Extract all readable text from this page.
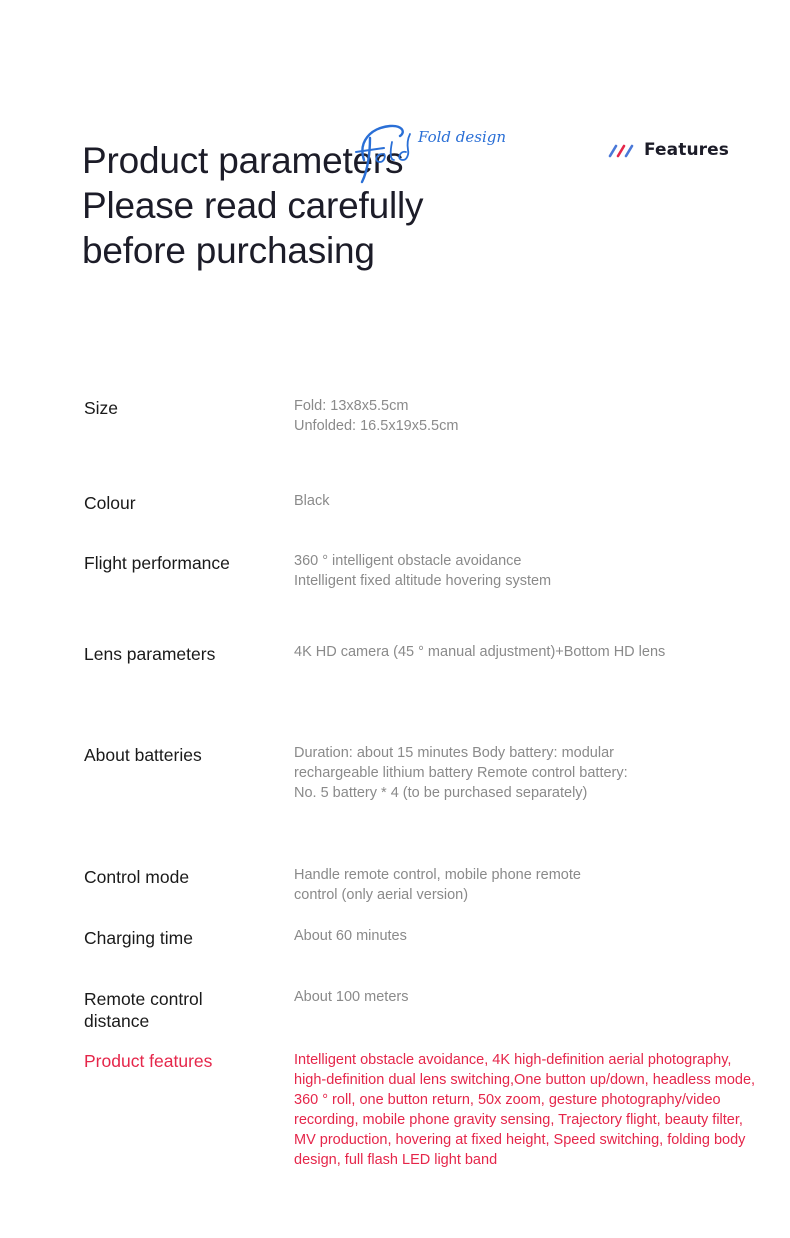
Product parameters
Please read carefully
before purchasing
Fold design
Features
Size	Fold: 13x8x5.5cm
Unfolded: 16.5x19x5.5cm
Colour	Black
Flight performance	360 ° intelligent obstacle avoidance
Intelligent fixed altitude hovering system
Lens parameters	4K HD camera (45 ° manual adjustment)+Bottom HD lens
About batteries	Duration: about 15 minutes Body battery: modular
rechargeable lithium battery Remote control battery:
No. 5 battery * 4 (to be purchased separately)
Control mode	Handle remote control, mobile phone remote
control (only aerial version)
Charging time	About 60 minutes
Remote control
distance
About 100 meters
Product features	Intelligent obstacle avoidance, 4K high-definition aerial photography,
high-definition dual lens switching,One button up/down, headless mode,
360 ° roll, one button return, 50x zoom, gesture photography/video
recording, mobile phone gravity sensing, Trajectory flight, beauty filter,
MV production, hovering at fixed height, Speed switching, folding body
design, full flash LED light band
